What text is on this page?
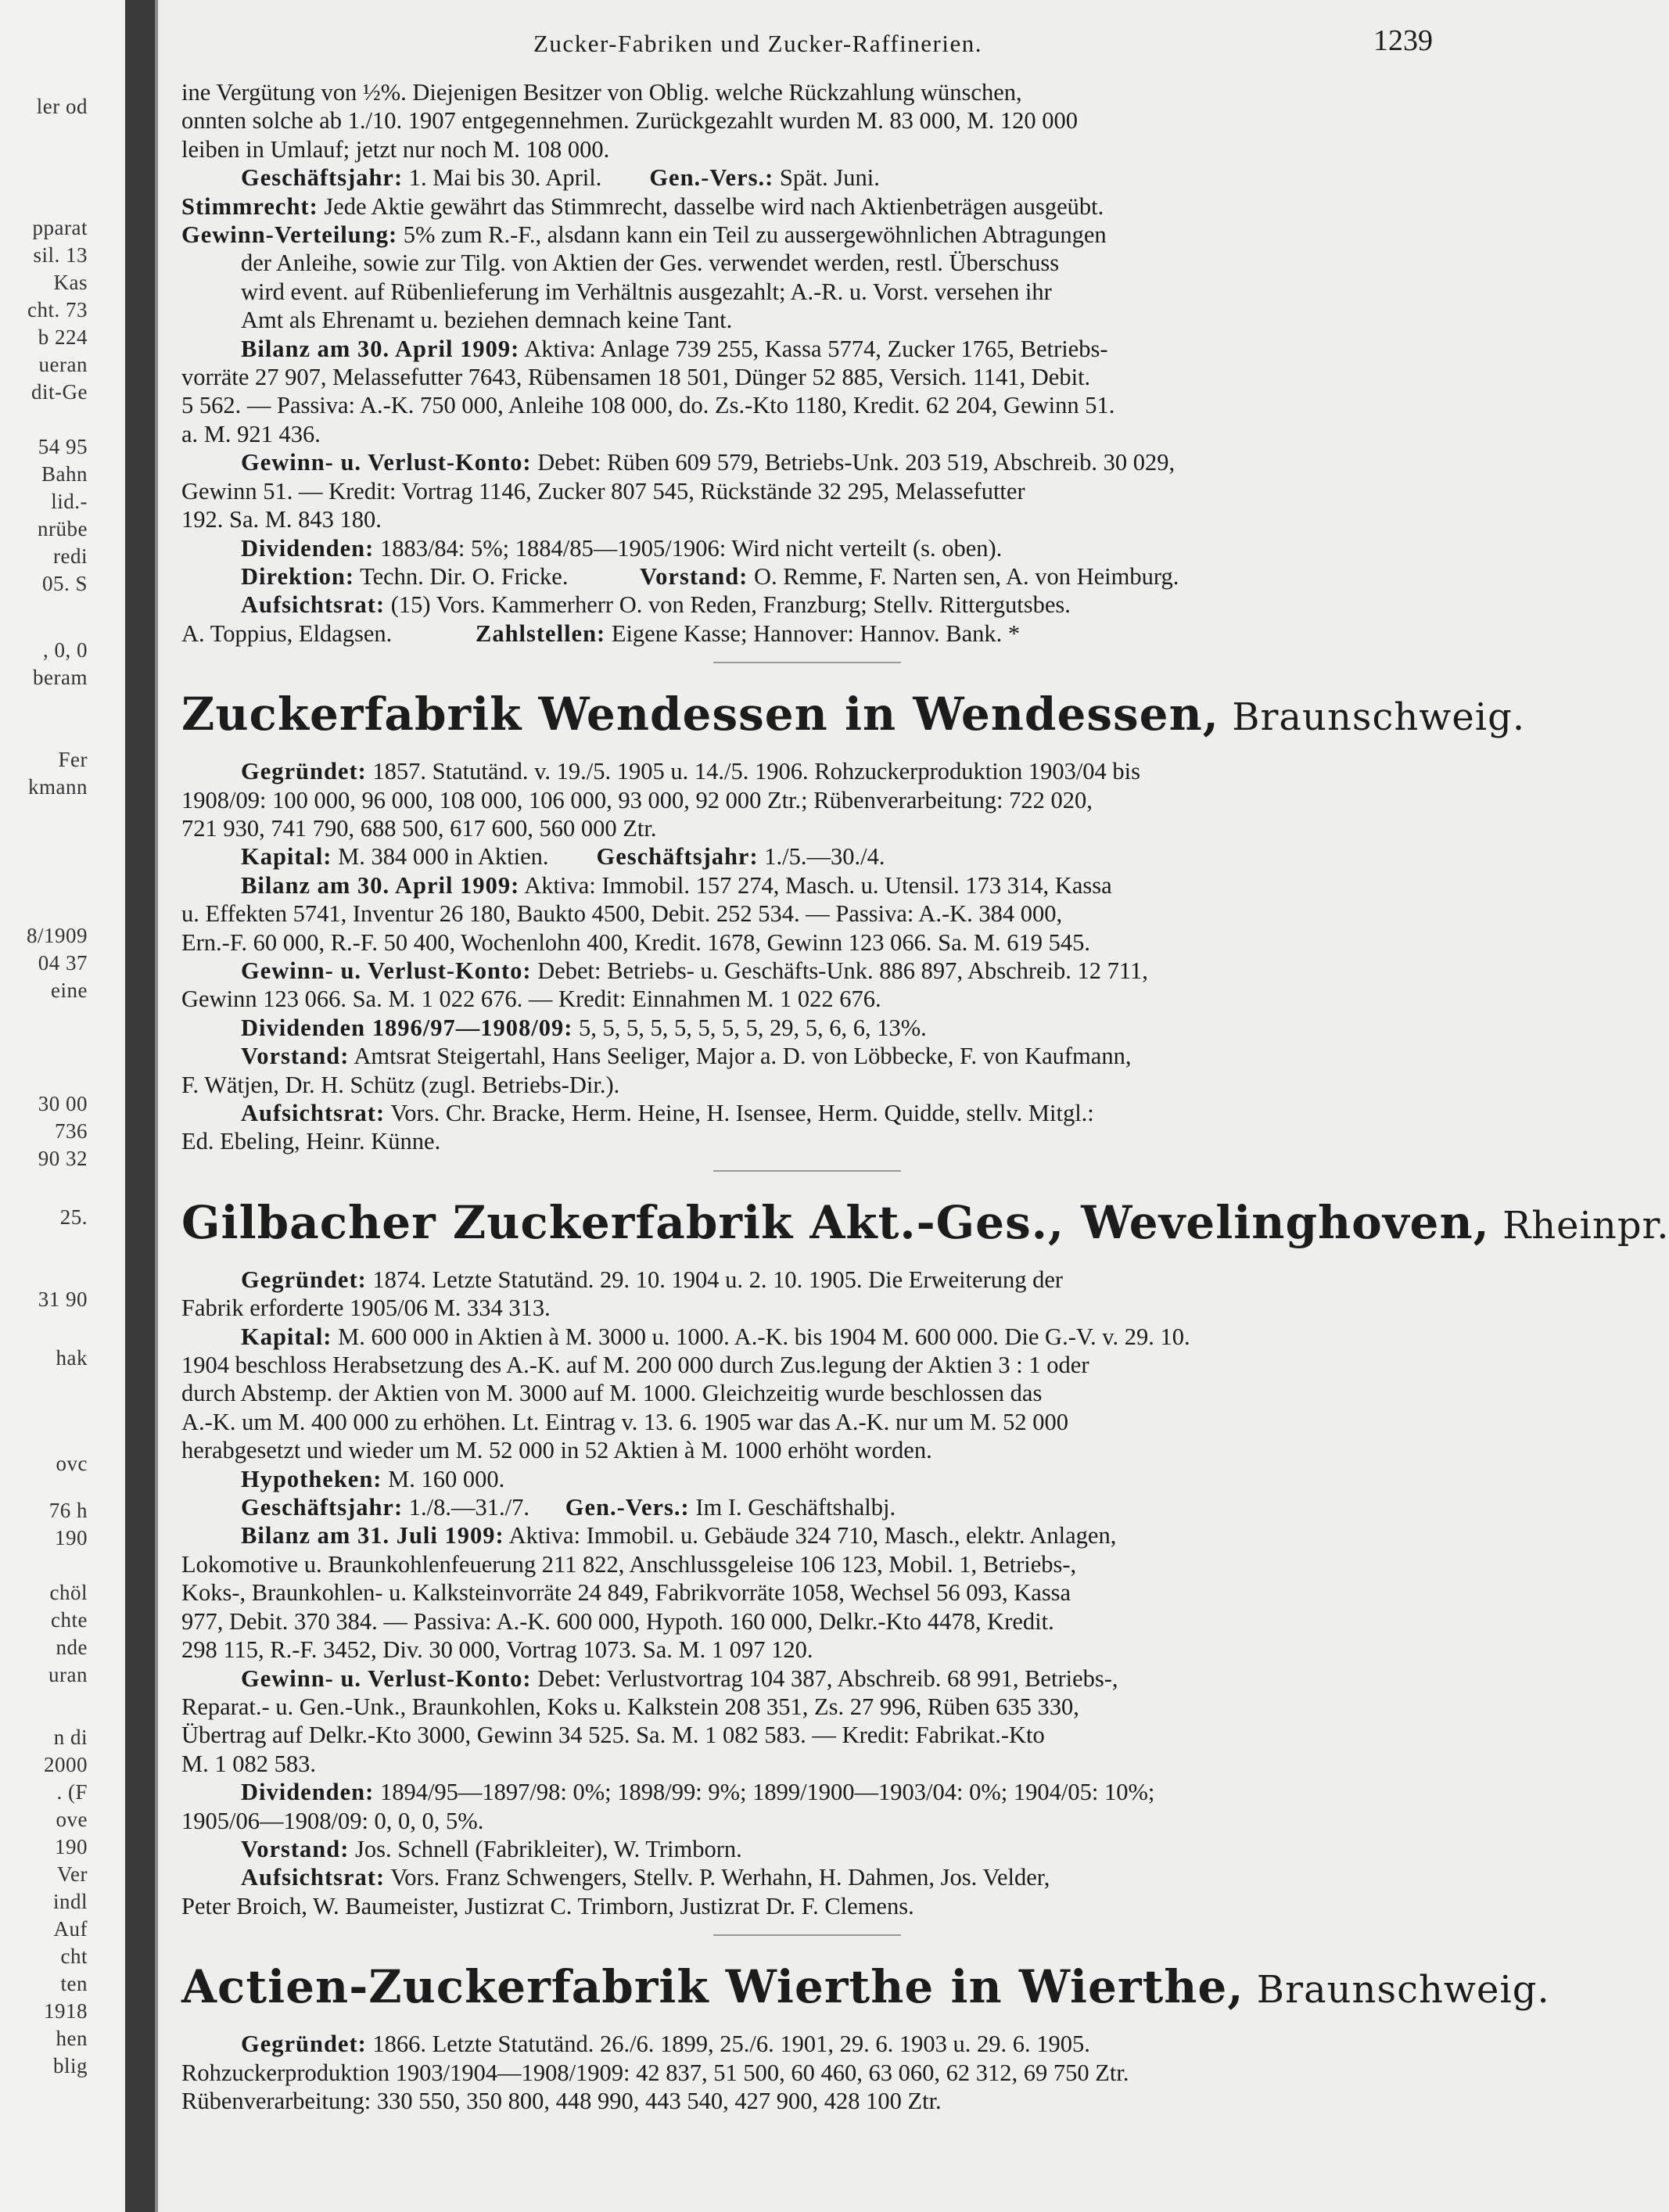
ler od
pparat
sil. 13
Kas
cht. 73
b 224
ueran
dit-Ge
54 95
Bahn
lid.-
nrübe
redi
05. S
, 0, 0
beram
Fer
kmann
8/1909
04 37
eine
30 00
736
90 32
25.
31 90
hak
ovc
76 h
190
chöl
chte
nde
uran
n di
2000
. (F
ove
190
Ver
indl
Auf
cht
ten
1918
hen
blig
Zucker-Fabriken und Zucker-Raffinerien.	1239

ine Vergütung von ½%. Diejenigen Besitzer von Oblig. welche Rückzahlung wünschen,

onnten solche ab 1./10. 1907 entgegennehmen. Zurückgezahlt wurden M. 83 000, M. 120 000

leiben in Umlauf; jetzt nur noch M. 108 000.

Geschäftsjahr: 1. Mai bis 30. April. Gen.-Vers.: Spät. Juni.

Stimmrecht: Jede Aktie gewährt das Stimmrecht, dasselbe wird nach Aktienbeträgen ausgeübt.

Gewinn-Verteilung: 5% zum R.-F., alsdann kann ein Teil zu aussergewöhnlichen Abtragungen

der Anleihe, sowie zur Tilg. von Aktien der Ges. verwendet werden, restl. Überschuss

wird event. auf Rübenlieferung im Verhältnis ausgezahlt; A.-R. u. Vorst. versehen ihr

Amt als Ehrenamt u. beziehen demnach keine Tant.

Bilanz am 30. April 1909: Aktiva: Anlage 739 255, Kassa 5774, Zucker 1765, Betriebs-

vorräte 27 907, Melassefutter 7643, Rübensamen 18 501, Dünger 52 885, Versich. 1141, Debit.

5 562. — Passiva: A.-K. 750 000, Anleihe 108 000, do. Zs.-Kto 1180, Kredit. 62 204, Gewinn 51.

a. M. 921 436.

Gewinn- u. Verlust-Konto: Debet: Rüben 609 579, Betriebs-Unk. 203 519, Abschreib. 30 029,

Gewinn 51. — Kredit: Vortrag 1146, Zucker 807 545, Rückstände 32 295, Melassefutter

192. Sa. M. 843 180.

Dividenden: 1883/84: 5%; 1884/85—1905/1906: Wird nicht verteilt (s. oben).

Direktion: Techn. Dir. O. Fricke.	Vorstand: O. Remme, F. Narten sen, A. von Heimburg.

Aufsichtsrat: (15) Vors. Kammerherr O. von Reden, Franzburg; Stellv. Rittergutsbes.

A. Toppius, Eldagsen.	Zahlstellen: Eigene Kasse; Hannover: Hannov. Bank. *

Zuckerfabrik Wendessen in Wendessen, Braunschweig.

Gegründet: 1857. Statutänd. v. 19./5. 1905 u. 14./5. 1906. Rohzuckerproduktion 1903/04 bis

1908/09: 100 000, 96 000, 108 000, 106 000, 93 000, 92 000 Ztr.; Rübenverarbeitung: 722 020,

721 930, 741 790, 688 500, 617 600, 560 000 Ztr.

Kapital: M. 384 000 in Aktien. Geschäftsjahr: 1./5.—30./4.

Bilanz am 30. April 1909: Aktiva: Immobil. 157 274, Masch. u. Utensil. 173 314, Kassa

u. Effekten 5741, Inventur 26 180, Baukto 4500, Debit. 252 534. — Passiva: A.-K. 384 000,

Ern.-F. 60 000, R.-F. 50 400, Wochenlohn 400, Kredit. 1678, Gewinn 123 066. Sa. M. 619 545.

Gewinn- u. Verlust-Konto: Debet: Betriebs- u. Geschäfts-Unk. 886 897, Abschreib. 12 711,

Gewinn 123 066. Sa. M. 1 022 676. — Kredit: Einnahmen M. 1 022 676.

Dividenden 1896/97—1908/09: 5, 5, 5, 5, 5, 5, 5, 5, 29, 5, 6, 6, 13%.

Vorstand: Amtsrat Steigertahl, Hans Seeliger, Major a. D. von Löbbecke, F. von Kaufmann,

F. Wätjen, Dr. H. Schütz (zugl. Betriebs-Dir.).

Aufsichtsrat: Vors. Chr. Bracke, Herm. Heine, H. Isensee, Herm. Quidde, stellv. Mitgl.:

Ed. Ebeling, Heinr. Künne.

Gilbacher Zuckerfabrik Akt.-Ges., Wevelinghoven, Rheinpr.

Gegründet: 1874. Letzte Statutänd. 29. 10. 1904 u. 2. 10. 1905. Die Erweiterung der

Fabrik erforderte 1905/06 M. 334 313.

Kapital: M. 600 000 in Aktien à M. 3000 u. 1000. A.-K. bis 1904 M. 600 000. Die G.-V. v. 29. 10.

1904 beschloss Herabsetzung des A.-K. auf M. 200 000 durch Zus.legung der Aktien 3 : 1 oder

durch Abstemp. der Aktien von M. 3000 auf M. 1000. Gleichzeitig wurde beschlossen das

A.-K. um M. 400 000 zu erhöhen. Lt. Eintrag v. 13. 6. 1905 war das A.-K. nur um M. 52 000

herabgesetzt und wieder um M. 52 000 in 52 Aktien à M. 1000 erhöht worden.

Hypotheken: M. 160 000.

Geschäftsjahr: 1./8.—31./7. Gen.-Vers.: Im I. Geschäftshalbj.

Bilanz am 31. Juli 1909: Aktiva: Immobil. u. Gebäude 324 710, Masch., elektr. Anlagen,

Lokomotive u. Braunkohlenfeuerung 211 822, Anschlussgeleise 106 123, Mobil. 1, Betriebs-,

Koks-, Braunkohlen- u. Kalksteinvorräte 24 849, Fabrikvorräte 1058, Wechsel 56 093, Kassa

977, Debit. 370 384. — Passiva: A.-K. 600 000, Hypoth. 160 000, Delkr.-Kto 4478, Kredit.

298 115, R.-F. 3452, Div. 30 000, Vortrag 1073. Sa. M. 1 097 120.

Gewinn- u. Verlust-Konto: Debet: Verlustvortrag 104 387, Abschreib. 68 991, Betriebs-,

Reparat.- u. Gen.-Unk., Braunkohlen, Koks u. Kalkstein 208 351, Zs. 27 996, Rüben 635 330,

Übertrag auf Delkr.-Kto 3000, Gewinn 34 525. Sa. M. 1 082 583. — Kredit: Fabrikat.-Kto

M. 1 082 583.

Dividenden: 1894/95—1897/98: 0%; 1898/99: 9%; 1899/1900—1903/04: 0%; 1904/05: 10%;

1905/06—1908/09: 0, 0, 0, 5%.

Vorstand: Jos. Schnell (Fabrikleiter), W. Trimborn.

Aufsichtsrat: Vors. Franz Schwengers, Stellv. P. Werhahn, H. Dahmen, Jos. Velder,

Peter Broich, W. Baumeister, Justizrat C. Trimborn, Justizrat Dr. F. Clemens.

Actien-Zuckerfabrik Wierthe in Wierthe, Braunschweig.

Gegründet: 1866. Letzte Statutänd. 26./6. 1899, 25./6. 1901, 29. 6. 1903 u. 29. 6. 1905.

Rohzuckerproduktion 1903/1904—1908/1909: 42 837, 51 500, 60 460, 63 060, 62 312, 69 750 Ztr.

Rübenverarbeitung: 330 550, 350 800, 448 990, 443 540, 427 900, 428 100 Ztr.
